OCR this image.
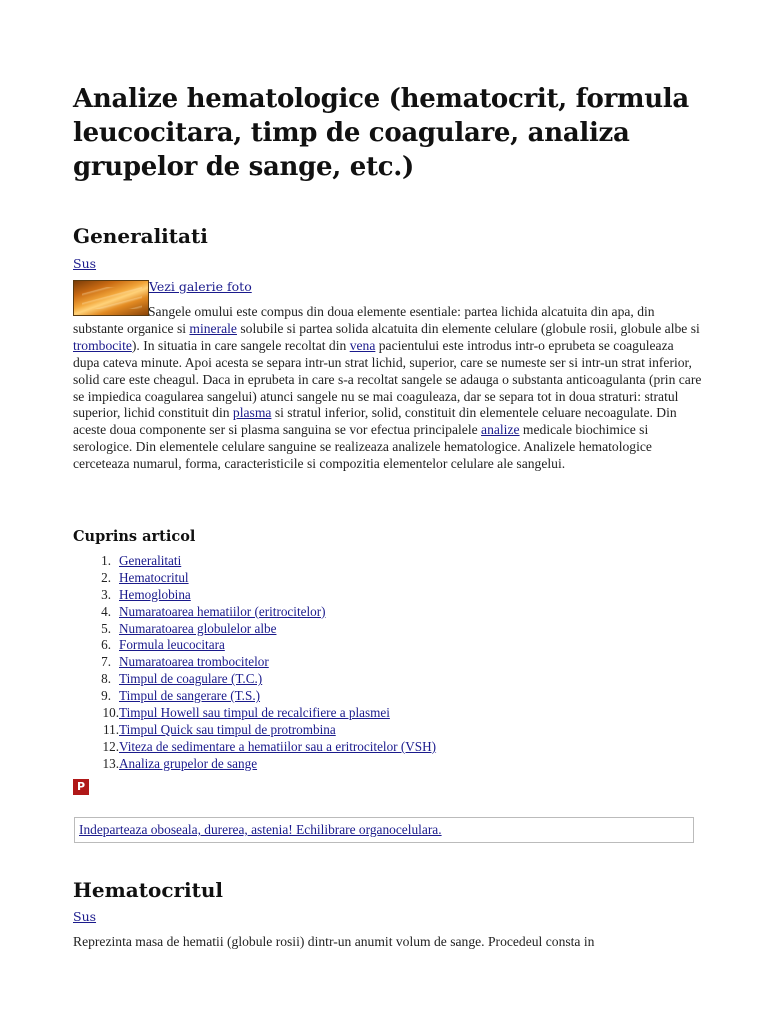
Analize hematologice (hematocrit, formula leucocitara, timp de coagulare, analiza grupelor de sange, etc.)
Generalitati
Sus
Vezi galerie foto
Sangele omului este compus din doua elemente esentiale: partea lichida alcatuita din apa, din substante organice si minerale solubile si partea solida alcatuita din elemente celulare (globule rosii, globule albe si trombocite). In situatia in care sangele recoltat din vena pacientului este introdus intr-o eprubeta se coaguleaza dupa cateva minute. Apoi acesta se separa intr-un strat lichid, superior, care se numeste ser si intr-un strat inferior, solid care este cheagul. Daca in eprubeta in care s-a recoltat sangele se adauga o substanta anticoagulanta (prin care se impiedica coagularea sangelui) atunci sangele nu se mai coaguleaza, dar se separa tot in doua straturi: stratul superior, lichid constituit din plasma si stratul inferior, solid, constituit din elementele celuare necoagulate. Din aceste doua componente ser si plasma sanguina se vor efectua principalele analize medicale biochimice si serologice. Din elementele celulare sanguine se realizeaza analizele hematologice. Analizele hematologice cerceteaza numarul, forma, caracteristicile si compozitia elementelor celulare ale sangelui.
Cuprins articol
1. Generalitati
2. Hematocritul
3. Hemoglobina
4. Numaratoarea hematiilor (eritrocitelor)
5. Numaratoarea globulelor albe
6. Formula leucocitara
7. Numaratoarea trombocitelor
8. Timpul de coagulare (T.C.)
9. Timpul de sangerare (T.S.)
10.Timpul Howell sau timpul de recalcifiere a plasmei
11.Timpul Quick sau timpul de protrombina
12.Viteza de sedimentare a hematiilor sau a eritrocitelor (VSH)
13.Analiza grupelor de sange
P
Indeparteaza oboseala, durerea, astenia! Echilibrare organocelulara.
Hematocritul
Sus
Reprezinta masa de hematii (globule rosii) dintr-un anumit volum de sange. Procedeul consta in
